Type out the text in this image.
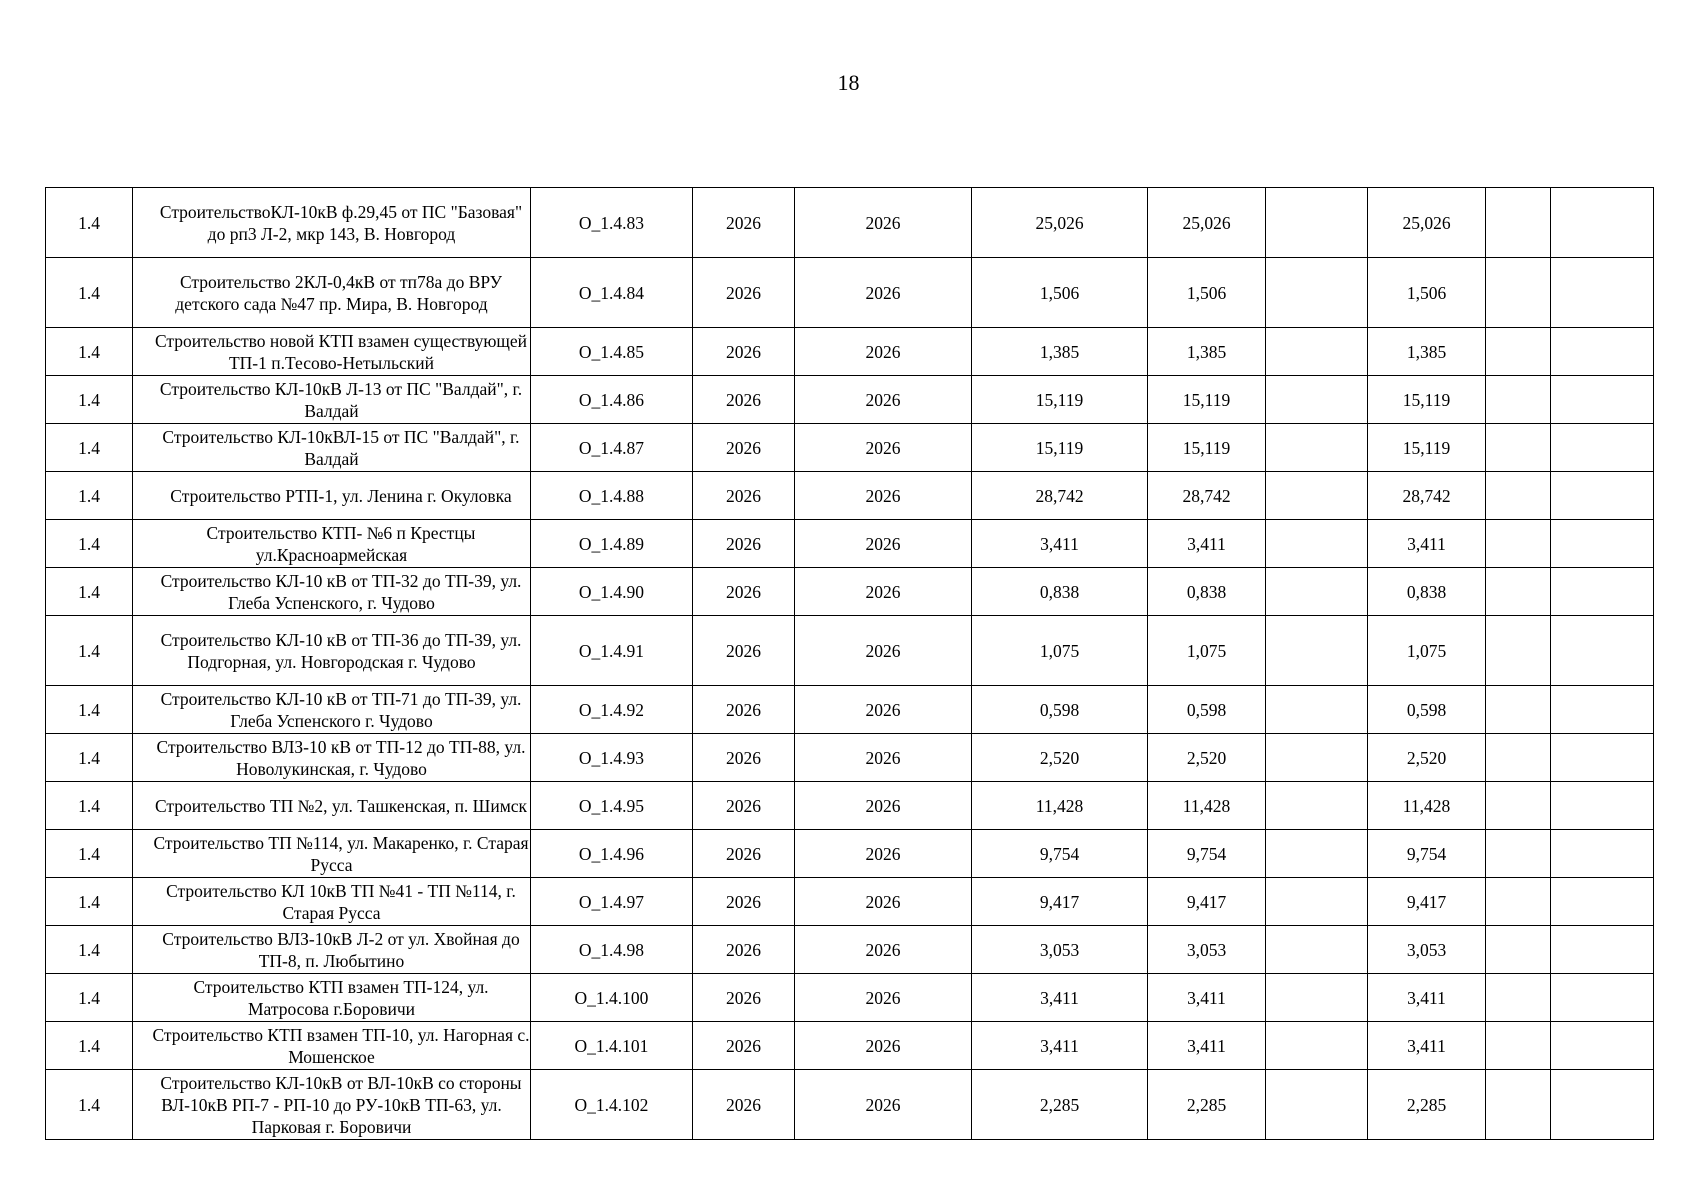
18
1.4	СтроительствоКЛ-10кВ ф.29,45 от ПС "Базовая" до рп3 Л-2, мкр 143, В. Новгород	О_1.4.83	2026	2026	25,026	25,026		25,026		
1.4	Строительство 2КЛ-0,4кВ от тп78а до ВРУ детского сада №47 пр. Мира, В. Новгород	О_1.4.84	2026	2026	1,506	1,506		1,506		
1.4	Строительство новой КТП взамен существующей ТП-1 п.Тесово-Нетыльский	О_1.4.85	2026	2026	1,385	1,385		1,385		
1.4	Строительство КЛ-10кВ Л-13 от ПС "Валдай", г. Валдай	О_1.4.86	2026	2026	15,119	15,119		15,119		
1.4	Строительство КЛ-10кВЛ-15 от ПС "Валдай", г. Валдай	О_1.4.87	2026	2026	15,119	15,119		15,119		
1.4	Строительство РТП-1, ул. Ленина г. Окуловка	О_1.4.88	2026	2026	28,742	28,742		28,742		
1.4	Строительство КТП- №6 п Крестцы ул.Красноармейская	О_1.4.89	2026	2026	3,411	3,411		3,411		
1.4	Строительство КЛ-10 кВ от ТП-32 до ТП-39, ул. Глеба Успенского, г. Чудово	О_1.4.90	2026	2026	0,838	0,838		0,838		
1.4	Строительство КЛ-10 кВ от ТП-36 до ТП-39, ул. Подгорная, ул. Новгородская г. Чудово	О_1.4.91	2026	2026	1,075	1,075		1,075		
1.4	Строительство КЛ-10 кВ от ТП-71 до ТП-39, ул. Глеба Успенского г. Чудово	О_1.4.92	2026	2026	0,598	0,598		0,598		
1.4	Строительство ВЛЗ-10 кВ от ТП-12 до ТП-88, ул. Новолукинская, г. Чудово	О_1.4.93	2026	2026	2,520	2,520		2,520		
1.4	Строительство ТП №2, ул. Ташкенская, п. Шимск	О_1.4.95	2026	2026	11,428	11,428		11,428		
1.4	Строительство ТП №114, ул. Макаренко, г. Старая Русса	О_1.4.96	2026	2026	9,754	9,754		9,754		
1.4	Строительство КЛ 10кВ ТП №41 - ТП №114, г. Старая Русса	О_1.4.97	2026	2026	9,417	9,417		9,417		
1.4	Строительство ВЛЗ-10кВ Л-2 от ул. Хвойная до ТП-8, п. Любытино	О_1.4.98	2026	2026	3,053	3,053		3,053		
1.4	Строительство КТП взамен ТП-124, ул. Матросова г.Боровичи	О_1.4.100	2026	2026	3,411	3,411		3,411		
1.4	Строительство КТП взамен ТП-10, ул. Нагорная с. Мошенское	О_1.4.101	2026	2026	3,411	3,411		3,411		
1.4	Строительство КЛ-10кВ от ВЛ-10кВ со стороны ВЛ-10кВ РП-7 - РП-10 до РУ-10кВ ТП-63, ул. Парковая г. Боровичи	О_1.4.102	2026	2026	2,285	2,285		2,285		
